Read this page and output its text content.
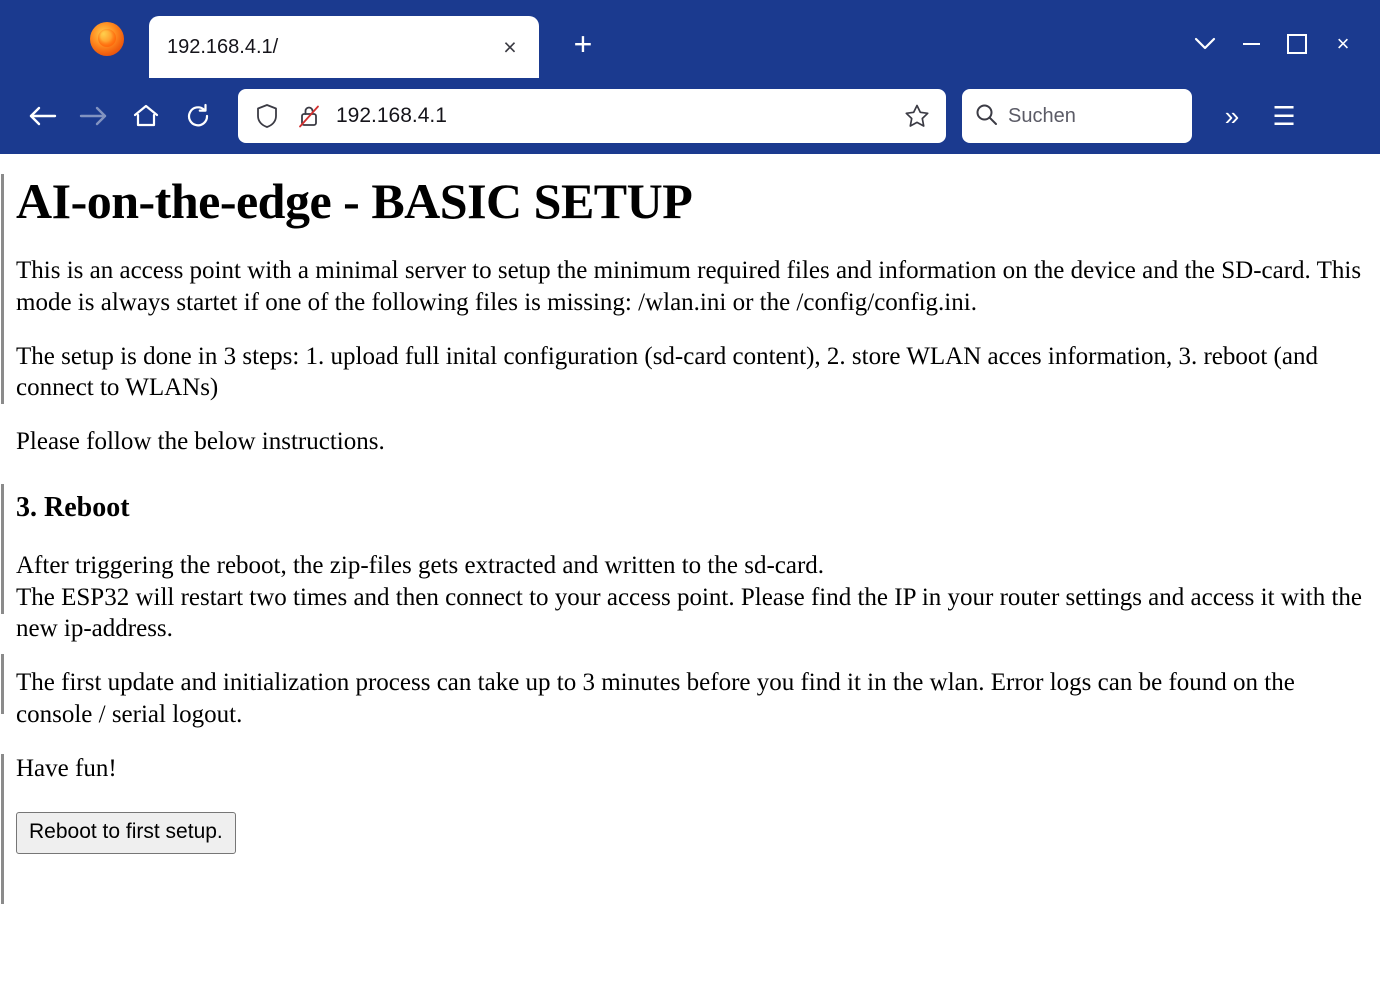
192.168.4.1/	×	+	×
192.168.4.1	Suchen	»	☰
AI-on-the-edge - BASIC SETUP

This is an access point with a minimal server to setup the minimum required files and information on the device and the SD-card. This mode is always startet if one of the following files is missing: /wlan.ini or the /config/config.ini.

The setup is done in 3 steps: 1. upload full inital configuration (sd-card content), 2. store WLAN acces information, 3. reboot (and connect to WLANs)

Please follow the below instructions.

3. Reboot

After triggering the reboot, the zip-files gets extracted and written to the sd-card.
The ESP32 will restart two times and then connect to your access point. Please find the IP in your router settings and access it with the new ip-address.

The first update and initialization process can take up to 3 minutes before you find it in the wlan. Error logs can be found on the console / serial logout.

Have fun!

Reboot to first setup.
